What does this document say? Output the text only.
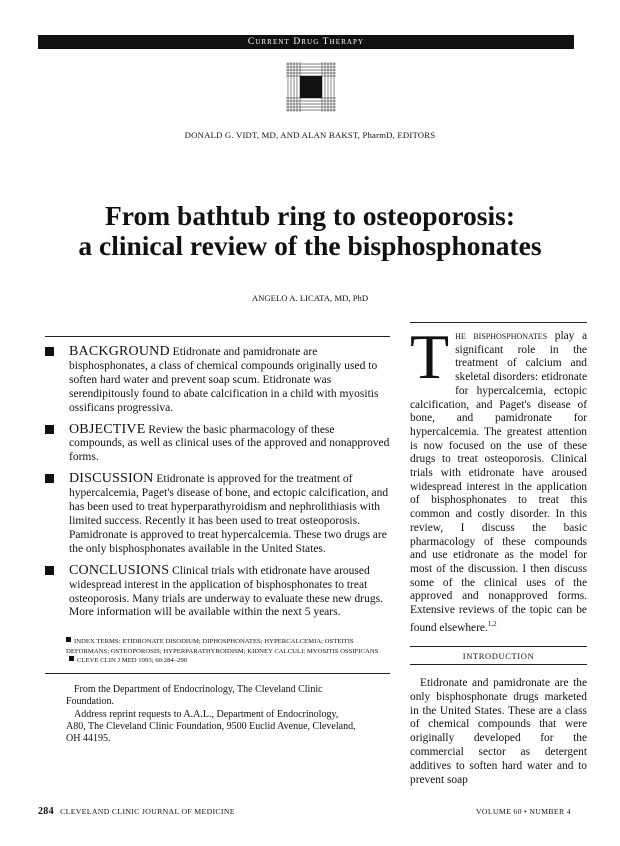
Current Drug Therapy
DONALD G. VIDT, MD, AND ALAN BAKST, PharmD, EDITORS
From bathtub ring to osteoporosis:
a clinical review of the bisphosphonates
ANGELO A. LICATA, MD, PhD
BACKGROUND Etidronate and pamidronate are bisphosphonates, a class of chemical compounds originally used to soften hard water and prevent soap scum. Etidronate was serendipitously found to abate calcification in a child with myositis ossificans progressiva.
OBJECTIVE Review the basic pharmacology of these compounds, as well as clinical uses of the approved and nonapproved forms.
DISCUSSION Etidronate is approved for the treatment of hypercalcemia, Paget's disease of bone, and ectopic calcification, and has been used to treat hyperparathyroidism and nephrolithiasis with limited success. Recently it has been used to treat osteoporosis. Pamidronate is approved to treat hypercalcemia. These two drugs are the only bisphosphonates available in the United States.
CONCLUSIONS Clinical trials with etidronate have aroused widespread interest in the application of bisphosphonates to treat osteoporosis. Many trials are underway to evaluate these new drugs. More information will be available within the next 5 years.
INDEX TERMS: ETIDRONATE DISODIUM; DIPHOSPHONATES; HYPERCALCEMIA; OSTEITIS DEFORMANS; OSTEOPOROSIS; HYPERPARATHYROIDISM; KIDNEY CALCULI; MYOSITIS OSSIFICANS CLEVE CLIN J MED 1993; 60:284–290

From the Department of Endocrinology, The Cleveland Clinic Foundation.

Address reprint requests to A.A.L., Department of Endocrinology, A80, The Cleveland Clinic Foundation, 9500 Euclid Avenue, Cleveland, OH 44195.

The bisphosphonates play a significant role in the treatment of calcium and skeletal disorders: etidronate for hypercalcemia, ectopic calcification, and Paget's disease of bone, and pamidronate for hypercalcemia. The greatest attention is now focused on the use of these drugs to treat osteoporosis. Clinical trials with etidronate have aroused widespread interest in the application of bisphosphonates to treat this common and costly disorder. In this review, I discuss the basic pharmacology of these compounds and use etidronate as the model for most of the discussion. I then discuss some of the clinical uses of the approved and nonapproved forms. Extensive reviews of the topic can be found elsewhere.$^{1,2}$

INTRODUCTION

Etidronate and pamidronate are the only bisphosphonate drugs marketed in the United States. These are a class of chemical compounds that were originally developed for the commercial sector as detergent additives to soften hard water and to prevent soap

284 CLEVELAND CLINIC JOURNAL OF MEDICINE	VOLUME 60 • NUMBER 4
